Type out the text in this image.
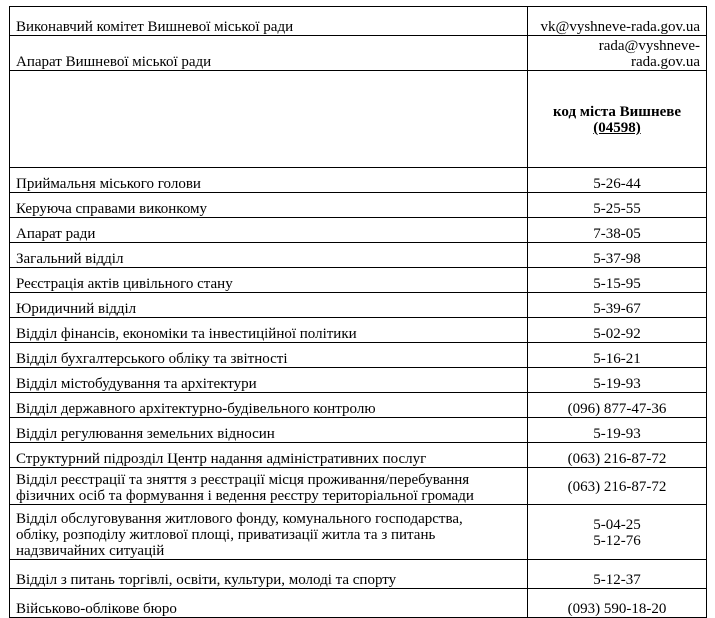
Виконавчий комітет Вишневої міської ради	vk@vyshneve-rada.gov.ua
Апарат Вишневої міської ради	rada@vyshneve-rada.gov.ua

	код міста Вишневе
(04598)

Приймальня міського голови	5-26-44
Керуюча справами виконкому	5-25-55
Апарат ради	7-38-05
Загальний відділ	5-37-98
Реєстрація актів цивільного стану	5-15-95
Юридичний відділ	5-39-67
Відділ фінансів, економіки та інвестиційної політики	5-02-92
Відділ бухгалтерського обліку та звітності	5-16-21
Відділ містобудування та архітектури	5-19-93
Відділ державного архітектурно-будівельного контролю	(096) 877-47-36
Відділ регулювання земельних відносин	5-19-93
Структурний підрозділ Центр надання адміністративних послуг	(063) 216-87-72

Відділ реєстрації та зняття з реєстрації місця проживання/перебування
фізичних осіб та формування і ведення реєстру територіальної громади	(063) 216-87-72

Відділ обслуговування житлового фонду, комунального господарства,
обліку, розподілу житлової площі, приватизації житла та з питань
надзвичайних ситуацій	5-04-25
5-12-76

Відділ з питань торгівлі, освіти, культури, молоді та спорту	5-12-37
Військово-облікове бюро	(093) 590-18-20
